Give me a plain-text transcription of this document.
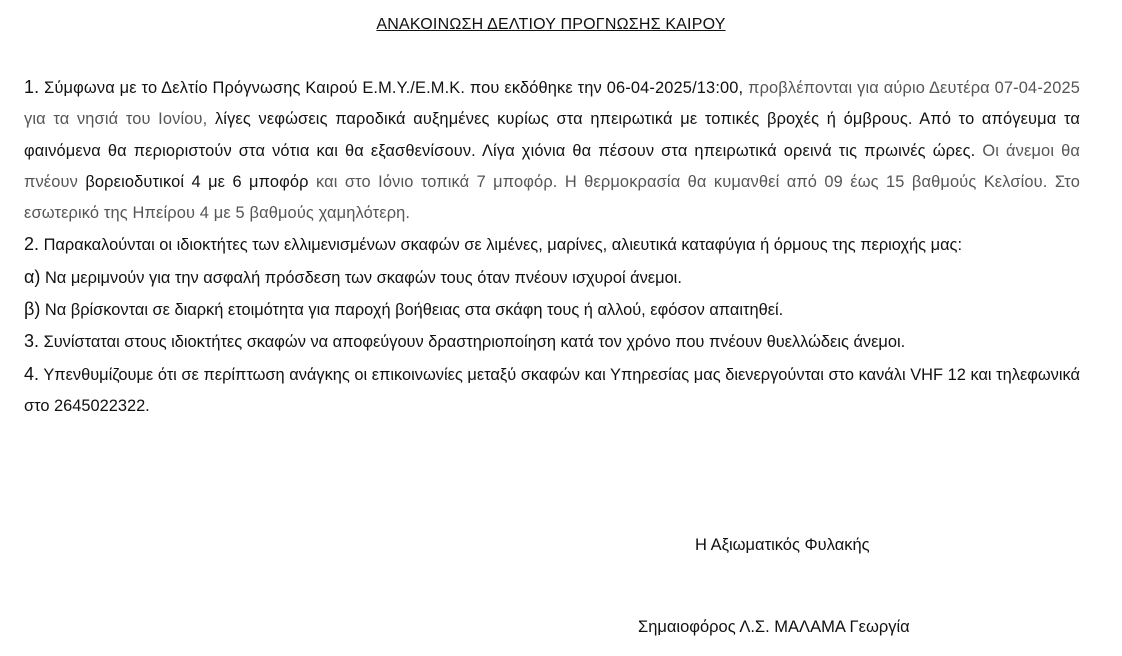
ΑΝΑΚΟΙΝΩΣΗ ΔΕΛΤΙΟΥ ΠΡΟΓΝΩΣΗΣ ΚΑΙΡΟΥ

1. Σύμφωνα με το Δελτίο Πρόγνωσης Καιρού Ε.Μ.Υ./Ε.Μ.Κ. που εκδόθηκε την 06-04-2025/13:00, προβλέπονται για αύριο Δευτέρα 07-04-2025 για τα νησιά του Ιονίου, λίγες νεφώσεις παροδικά αυξημένες κυρίως στα ηπειρωτικά με τοπικές βροχές ή όμβρους. Από το απόγευμα τα φαινόμενα θα περιοριστούν στα νότια και θα εξασθενίσουν. Λίγα χιόνια θα πέσουν στα ηπειρωτικά ορεινά τις πρωινές ώρες. Οι άνεμοι θα πνέουν βορειοδυτικοί 4 με 6 μποφόρ και στο Ιόνιο τοπικά 7 μποφόρ. Η θερμοκρασία θα κυμανθεί από 09 έως 15 βαθμούς Κελσίου. Στο εσωτερικό της Ηπείρου 4 με 5 βαθμούς χαμηλότερη.

2. Παρακαλούνται οι ιδιοκτήτες των ελλιμενισμένων σκαφών σε λιμένες, μαρίνες, αλιευτικά καταφύγια ή όρμους της περιοχής μας:

α) Να μεριμνούν για την ασφαλή πρόσδεση των σκαφών τους όταν πνέουν ισχυροί άνεμοι.

β) Να βρίσκονται σε διαρκή ετοιμότητα για παροχή βοήθειας στα σκάφη τους ή αλλού, εφόσον απαιτηθεί.

3. Συνίσταται στους ιδιοκτήτες σκαφών να αποφεύγουν δραστηριοποίηση κατά τον χρόνο που πνέουν θυελλώδεις άνεμοι.

4. Υπενθυμίζουμε ότι σε περίπτωση ανάγκης οι επικοινωνίες μεταξύ σκαφών και Υπηρεσίας μας διενεργούνται στο κανάλι VHF 12 και τηλεφωνικά στο 2645022322.

Η Αξιωματικός Φυλακής
Σημαιοφόρος Λ.Σ. ΜΑΛΑΜΑ Γεωργία
